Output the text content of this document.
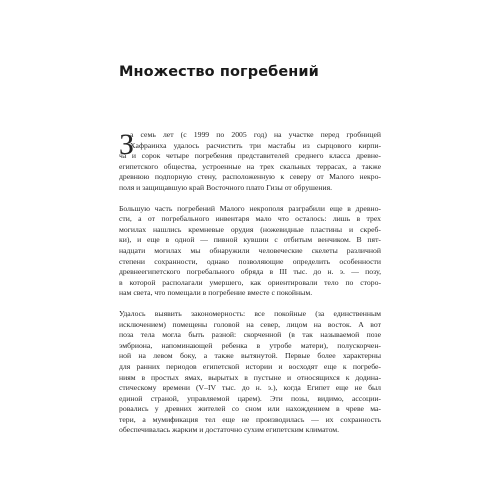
Множество погребений
З
а семь лет (с 1999 по 2005 год) на участке перед гробницей
Хафраинха удалось расчистить три мастабы из сырцового кирпи-
ча и сорок четыре погребения представителей среднего класса древне-
египетского общества, устроенные на трех скальных террасах, а также
древнюю подпорную стену, расположенную к северу от Малого некро-
поля и защищавшую край Восточного плато Гизы от обрушения.
Большую часть погребений Малого некрополя разграбили еще в древно-
сти, а от погребального инвентаря мало что осталось: лишь в трех
могилах нашлись кремневые орудия (ножевидные пластины и скреб-
ки), и еще в одной — пивной кувшин с отбитым венчиком. В пят-
надцати могилах мы обнаружили человеческие скелеты различной
степени сохранности, однако позволяющие определить особенности
древнеегипетского погребального обряда в III тыс. до н. э. — позу,
в которой располагали умершего, как ориентировали тело по сторо-
нам света, что помещали в погребение вместе с покойным.
Удалось выявить закономерность: все покойные (за единственным
исключением) помещены головой на север, лицом на восток. А вот
поза тела могла быть разной: скорченной (в так называемой позе
эмбриона, напоминающей ребенка в утробе матери), полускорчен-
ной на левом боку, а также вытянутой. Первые более характерны
для ранних периодов египетской истории и восходят еще к погребе-
ниям в простых ямах, вырытых в пустыне и относящихся к додина-
стическому времени (V–IV тыс. до н. э.), когда Египет еще не был
единой страной, управляемой царем). Эти позы, видимо, ассоции-
ровались у древних жителей со сном или нахождением в чреве ма-
тери, а мумификация тел еще не производилась — их сохранность
обеспечивалась жарким и достаточно сухим египетским климатом.
